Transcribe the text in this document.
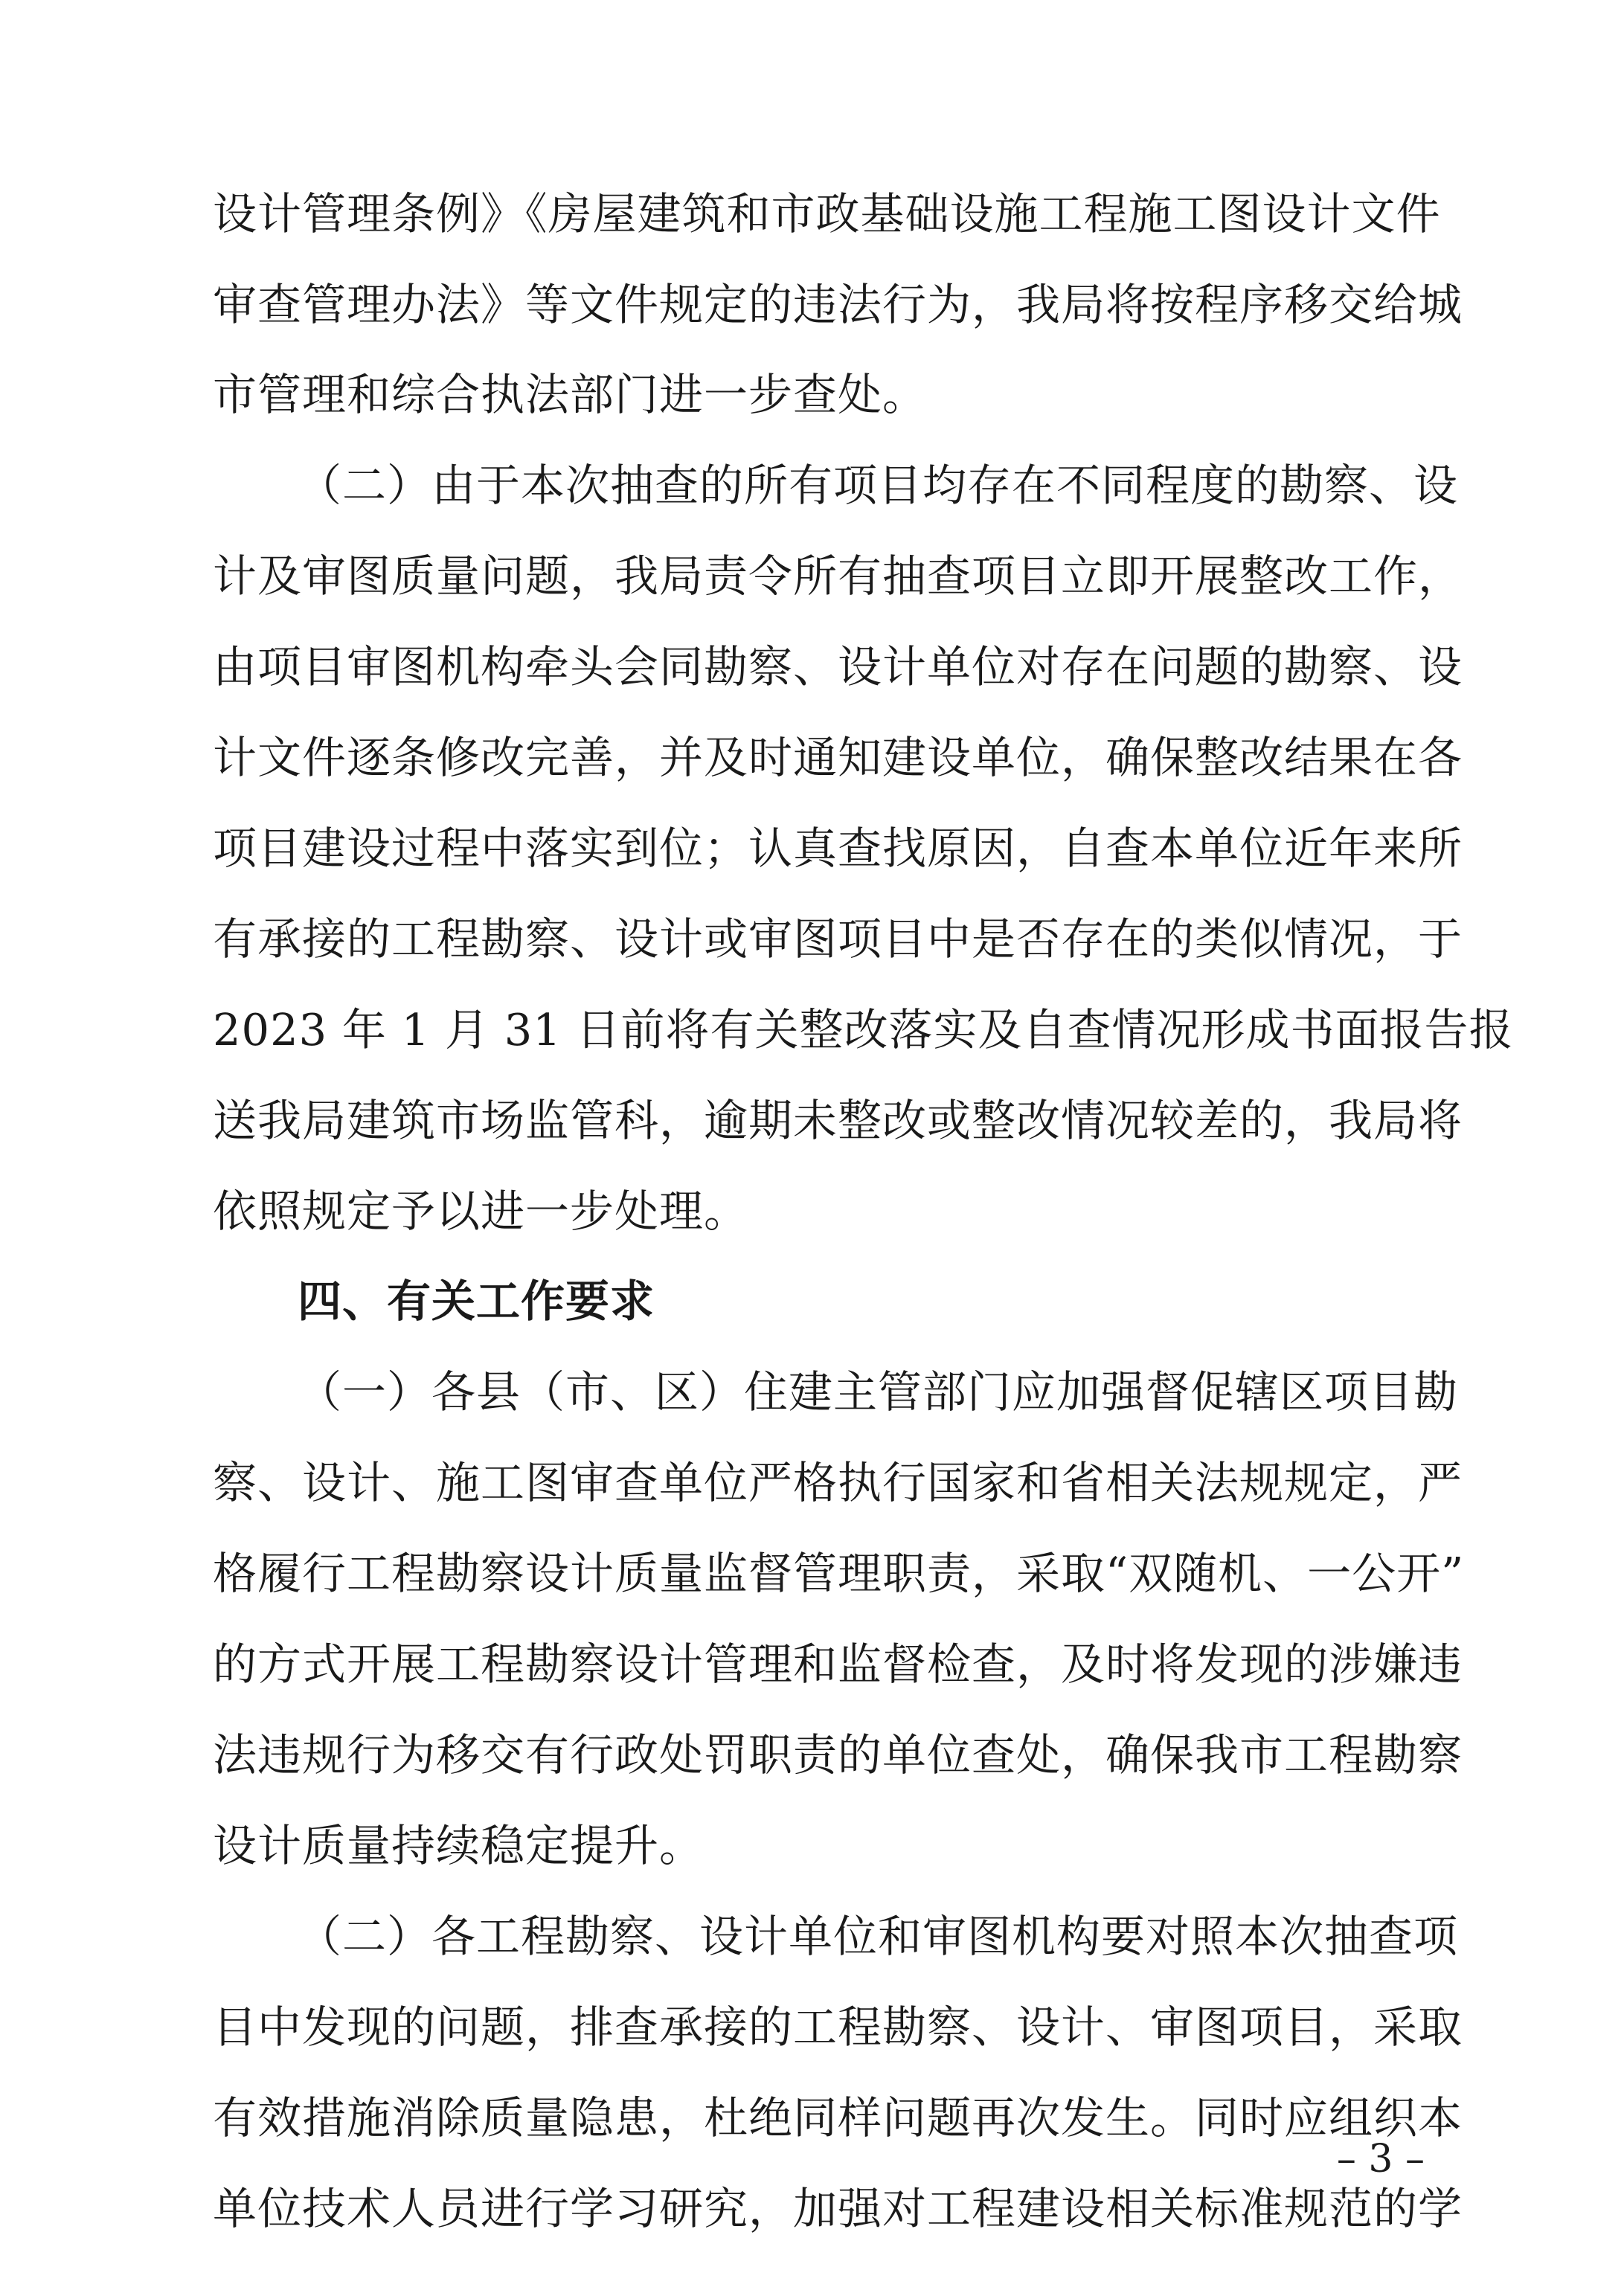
设计管理条例》《房屋建筑和市政基础设施工程施工图设计文件
审查管理办法》等文件规定的违法行为，我局将按程序移交给城
市管理和综合执法部门进一步查处。
（二）由于本次抽查的所有项目均存在不同程度的勘察、设
计及审图质量问题，我局责令所有抽查项目立即开展整改工作，
由项目审图机构牵头会同勘察、设计单位对存在问题的勘察、设
计文件逐条修改完善，并及时通知建设单位，确保整改结果在各
项目建设过程中落实到位；认真查找原因，自查本单位近年来所
有承接的工程勘察、设计或审图项目中是否存在的类似情况，于
2023 年 1 月 31 日前将有关整改落实及自查情况形成书面报告报
送我局建筑市场监管科，逾期未整改或整改情况较差的，我局将
依照规定予以进一步处理。
四、有关工作要求
（一）各县（市、区）住建主管部门应加强督促辖区项目勘
察、设计、施工图审查单位严格执行国家和省相关法规规定，严
格履行工程勘察设计质量监督管理职责，采取“双随机、一公开”
的方式开展工程勘察设计管理和监督检查，及时将发现的涉嫌违
法违规行为移交有行政处罚职责的单位查处，确保我市工程勘察
设计质量持续稳定提升。
（二）各工程勘察、设计单位和审图机构要对照本次抽查项
目中发现的问题，排查承接的工程勘察、设计、审图项目，采取
有效措施消除质量隐患，杜绝同样问题再次发生。同时应组织本
单位技术人员进行学习研究，加强对工程建设相关标准规范的学
– 3 –
